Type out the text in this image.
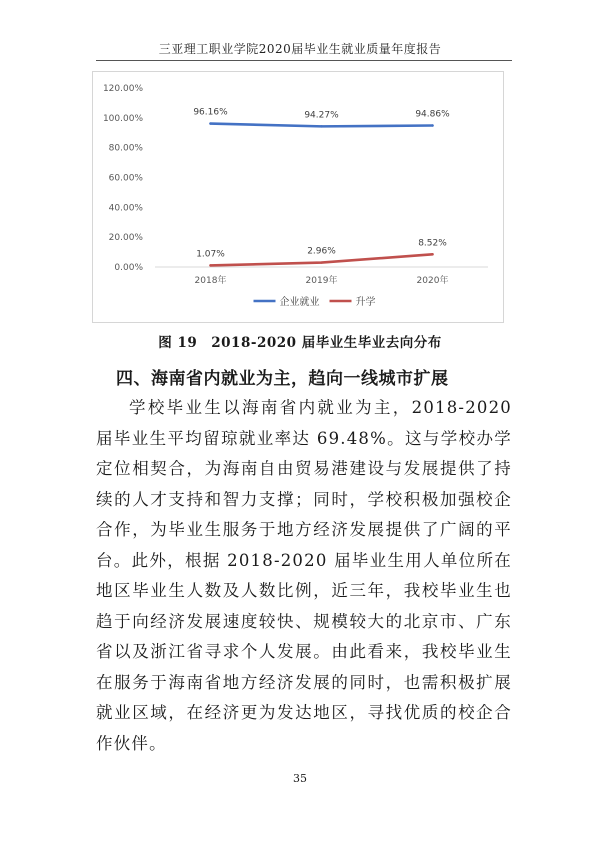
三亚理工职业学院2020届毕业生就业质量年度报告
0.00%
20.00%
40.00%
60.00%
80.00%
100.00%
120.00%
2018年	2019年	2020年
96.16%	94.27%	94.86%
1.07%	2.96%
8.52%
企业就业	升学
图 19　2018-2020 届毕业生毕业去向分布
四、海南省内就业为主，趋向一线城市扩展

学校毕业生以海南省内就业为主，2018-2020 届毕业生平均留琼就业率达 69.48%。这与学校办学定位相契合，为海南自由贸易港建设与发展提供了持续的人才支持和智力支撑；同时，学校积极加强校企合作，为毕业生服务于地方经济发展提供了广阔的平台。此外，根据 2018-2020 届毕业生用人单位所在地区毕业生人数及人数比例，近三年，我校毕业生也趋于向经济发展速度较快、规模较大的北京市、广东省以及浙江省寻求个人发展。由此看来，我校毕业生在服务于海南省地方经济发展的同时，也需积极扩展就业区域，在经济更为发达地区，寻找优质的校企合作伙伴。

35
